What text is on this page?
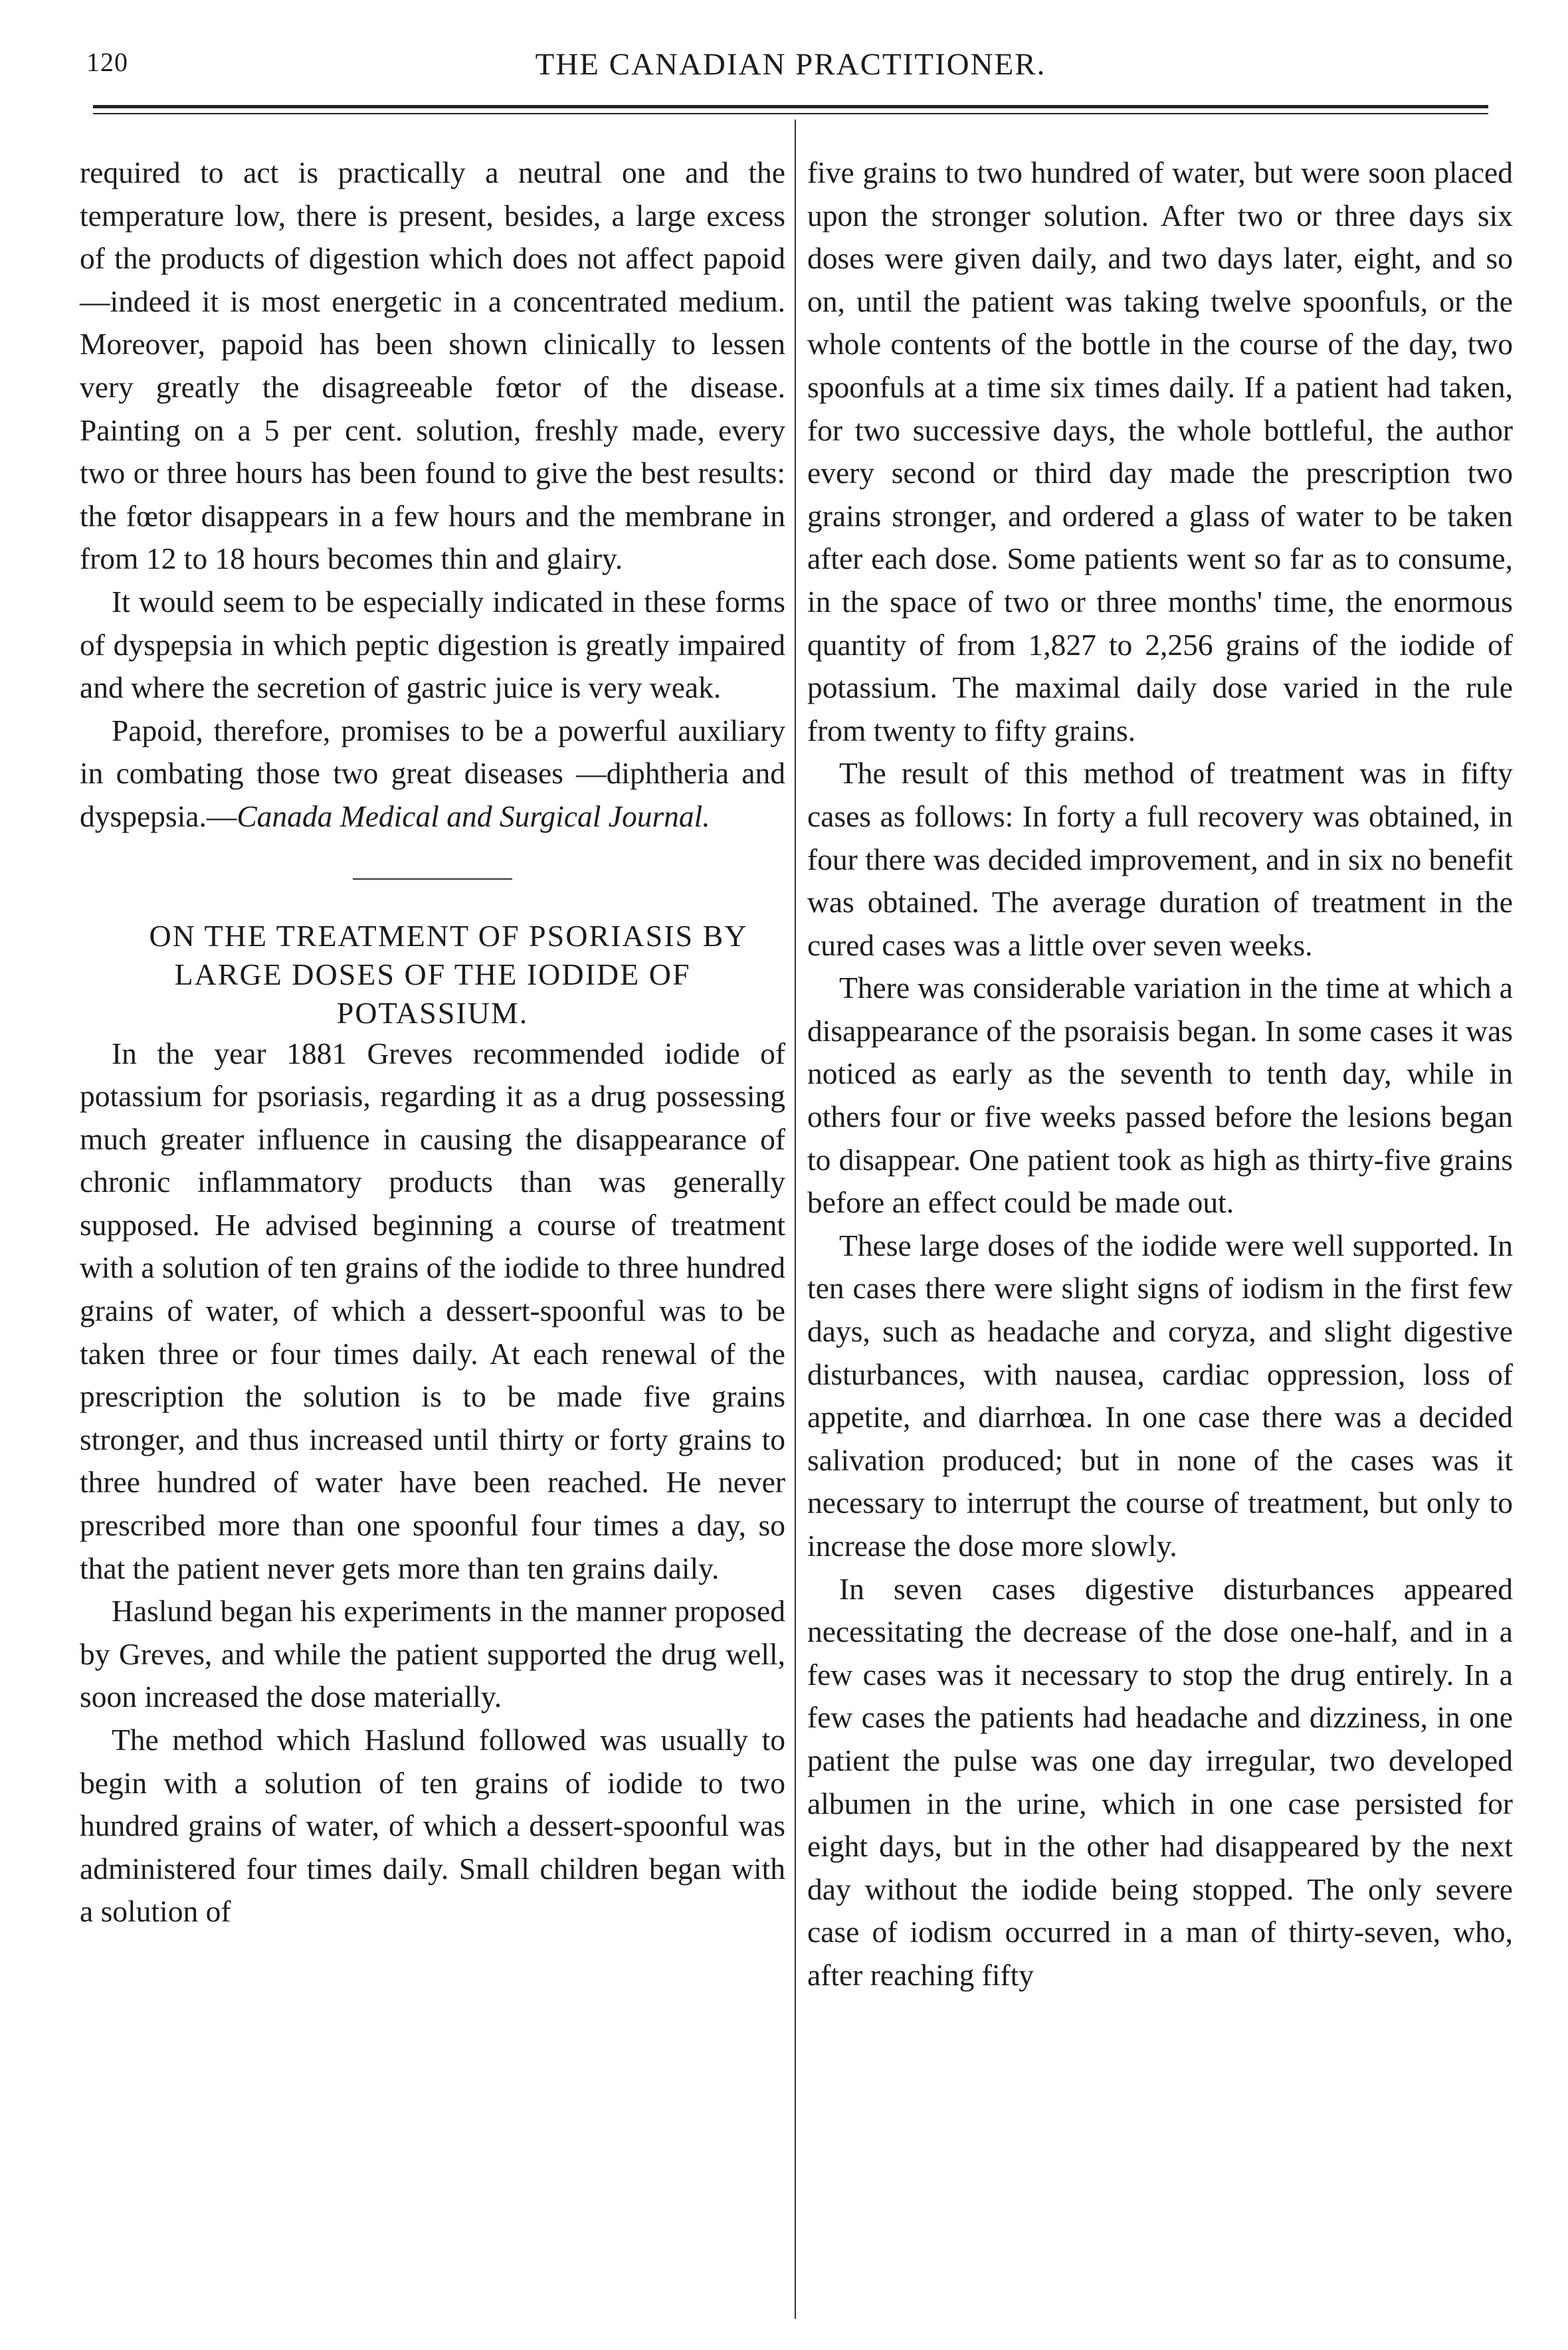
120	THE CANADIAN PRACTITIONER.

required to act is practically a neutral one and the temperature low, there is present, besides, a large excess of the products of digestion which does not affect papoid—indeed it is most energetic in a concentrated medium. Moreover, papoid has been shown clinically to lessen very greatly the disagreeable fœtor of the disease. Painting on a 5 per cent. solution, freshly made, every two or three hours has been found to give the best results: the fœtor disappears in a few hours and the membrane in from 12 to 18 hours becomes thin and glairy.

It would seem to be especially indicated in these forms of dyspepsia in which peptic digestion is greatly impaired and where the secretion of gastric juice is very weak.

Papoid, therefore, promises to be a powerful auxiliary in combating those two great diseases —diphtheria and dyspepsia.—Canada Medical and Surgical Journal.

ON THE TREATMENT OF PSORIASIS BY LARGE DOSES OF THE IODIDE OF POTASSIUM.

In the year 1881 Greves recommended iodide of potassium for psoriasis, regarding it as a drug possessing much greater influence in causing the disappearance of chronic inflammatory products than was generally supposed. He advised beginning a course of treatment with a solution of ten grains of the iodide to three hundred grains of water, of which a dessert-spoonful was to be taken three or four times daily. At each renewal of the prescription the solution is to be made five grains stronger, and thus increased until thirty or forty grains to three hundred of water have been reached. He never prescribed more than one spoonful four times a day, so that the patient never gets more than ten grains daily.

Haslund began his experiments in the manner proposed by Greves, and while the patient supported the drug well, soon increased the dose materially.

The method which Haslund followed was usually to begin with a solution of ten grains of iodide to two hundred grains of water, of which a dessert-spoonful was administered four times daily. Small children began with a solution of

five grains to two hundred of water, but were soon placed upon the stronger solution. After two or three days six doses were given daily, and two days later, eight, and so on, until the patient was taking twelve spoonfuls, or the whole contents of the bottle in the course of the day, two spoonfuls at a time six times daily. If a patient had taken, for two successive days, the whole bottleful, the author every second or third day made the prescription two grains stronger, and ordered a glass of water to be taken after each dose. Some patients went so far as to consume, in the space of two or three months' time, the enormous quantity of from 1,827 to 2,256 grains of the iodide of potassium. The maximal daily dose varied in the rule from twenty to fifty grains.

The result of this method of treatment was in fifty cases as follows: In forty a full recovery was obtained, in four there was decided improvement, and in six no benefit was obtained. The average duration of treatment in the cured cases was a little over seven weeks.

There was considerable variation in the time at which a disappearance of the psoraisis began. In some cases it was noticed as early as the seventh to tenth day, while in others four or five weeks passed before the lesions began to disappear. One patient took as high as thirty-five grains before an effect could be made out.

These large doses of the iodide were well supported. In ten cases there were slight signs of iodism in the first few days, such as headache and coryza, and slight digestive disturbances, with nausea, cardiac oppression, loss of appetite, and diarrhœa. In one case there was a decided salivation produced; but in none of the cases was it necessary to interrupt the course of treatment, but only to increase the dose more slowly.

In seven cases digestive disturbances appeared necessitating the decrease of the dose one-half, and in a few cases was it necessary to stop the drug entirely. In a few cases the patients had headache and dizziness, in one patient the pulse was one day irregular, two developed albumen in the urine, which in one case persisted for eight days, but in the other had disappeared by the next day without the iodide being stopped. The only severe case of iodism occurred in a man of thirty-seven, who, after reaching fifty
